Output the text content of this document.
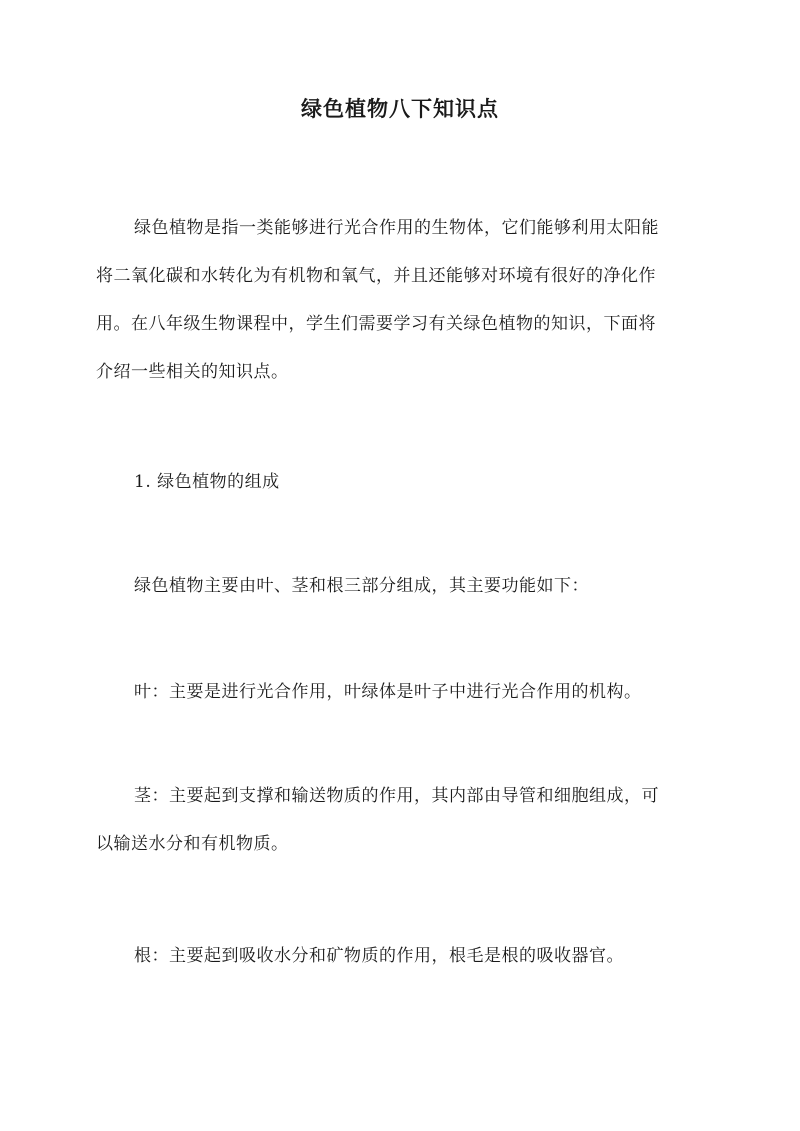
绿色植物八下知识点

绿色植物是指一类能够进行光合作用的生物体，它们能够利用太阳能
将二氧化碳和水转化为有机物和氧气，并且还能够对环境有很好的净化作
用。在八年级生物课程中，学生们需要学习有关绿色植物的知识，下面将
介绍一些相关的知识点。

1. 绿色植物的组成

绿色植物主要由叶、茎和根三部分组成，其主要功能如下：

叶：主要是进行光合作用，叶绿体是叶子中进行光合作用的机构。

茎：主要起到支撑和输送物质的作用，其内部由导管和细胞组成，可
以输送水分和有机物质。

根：主要起到吸收水分和矿物质的作用，根毛是根的吸收器官。
